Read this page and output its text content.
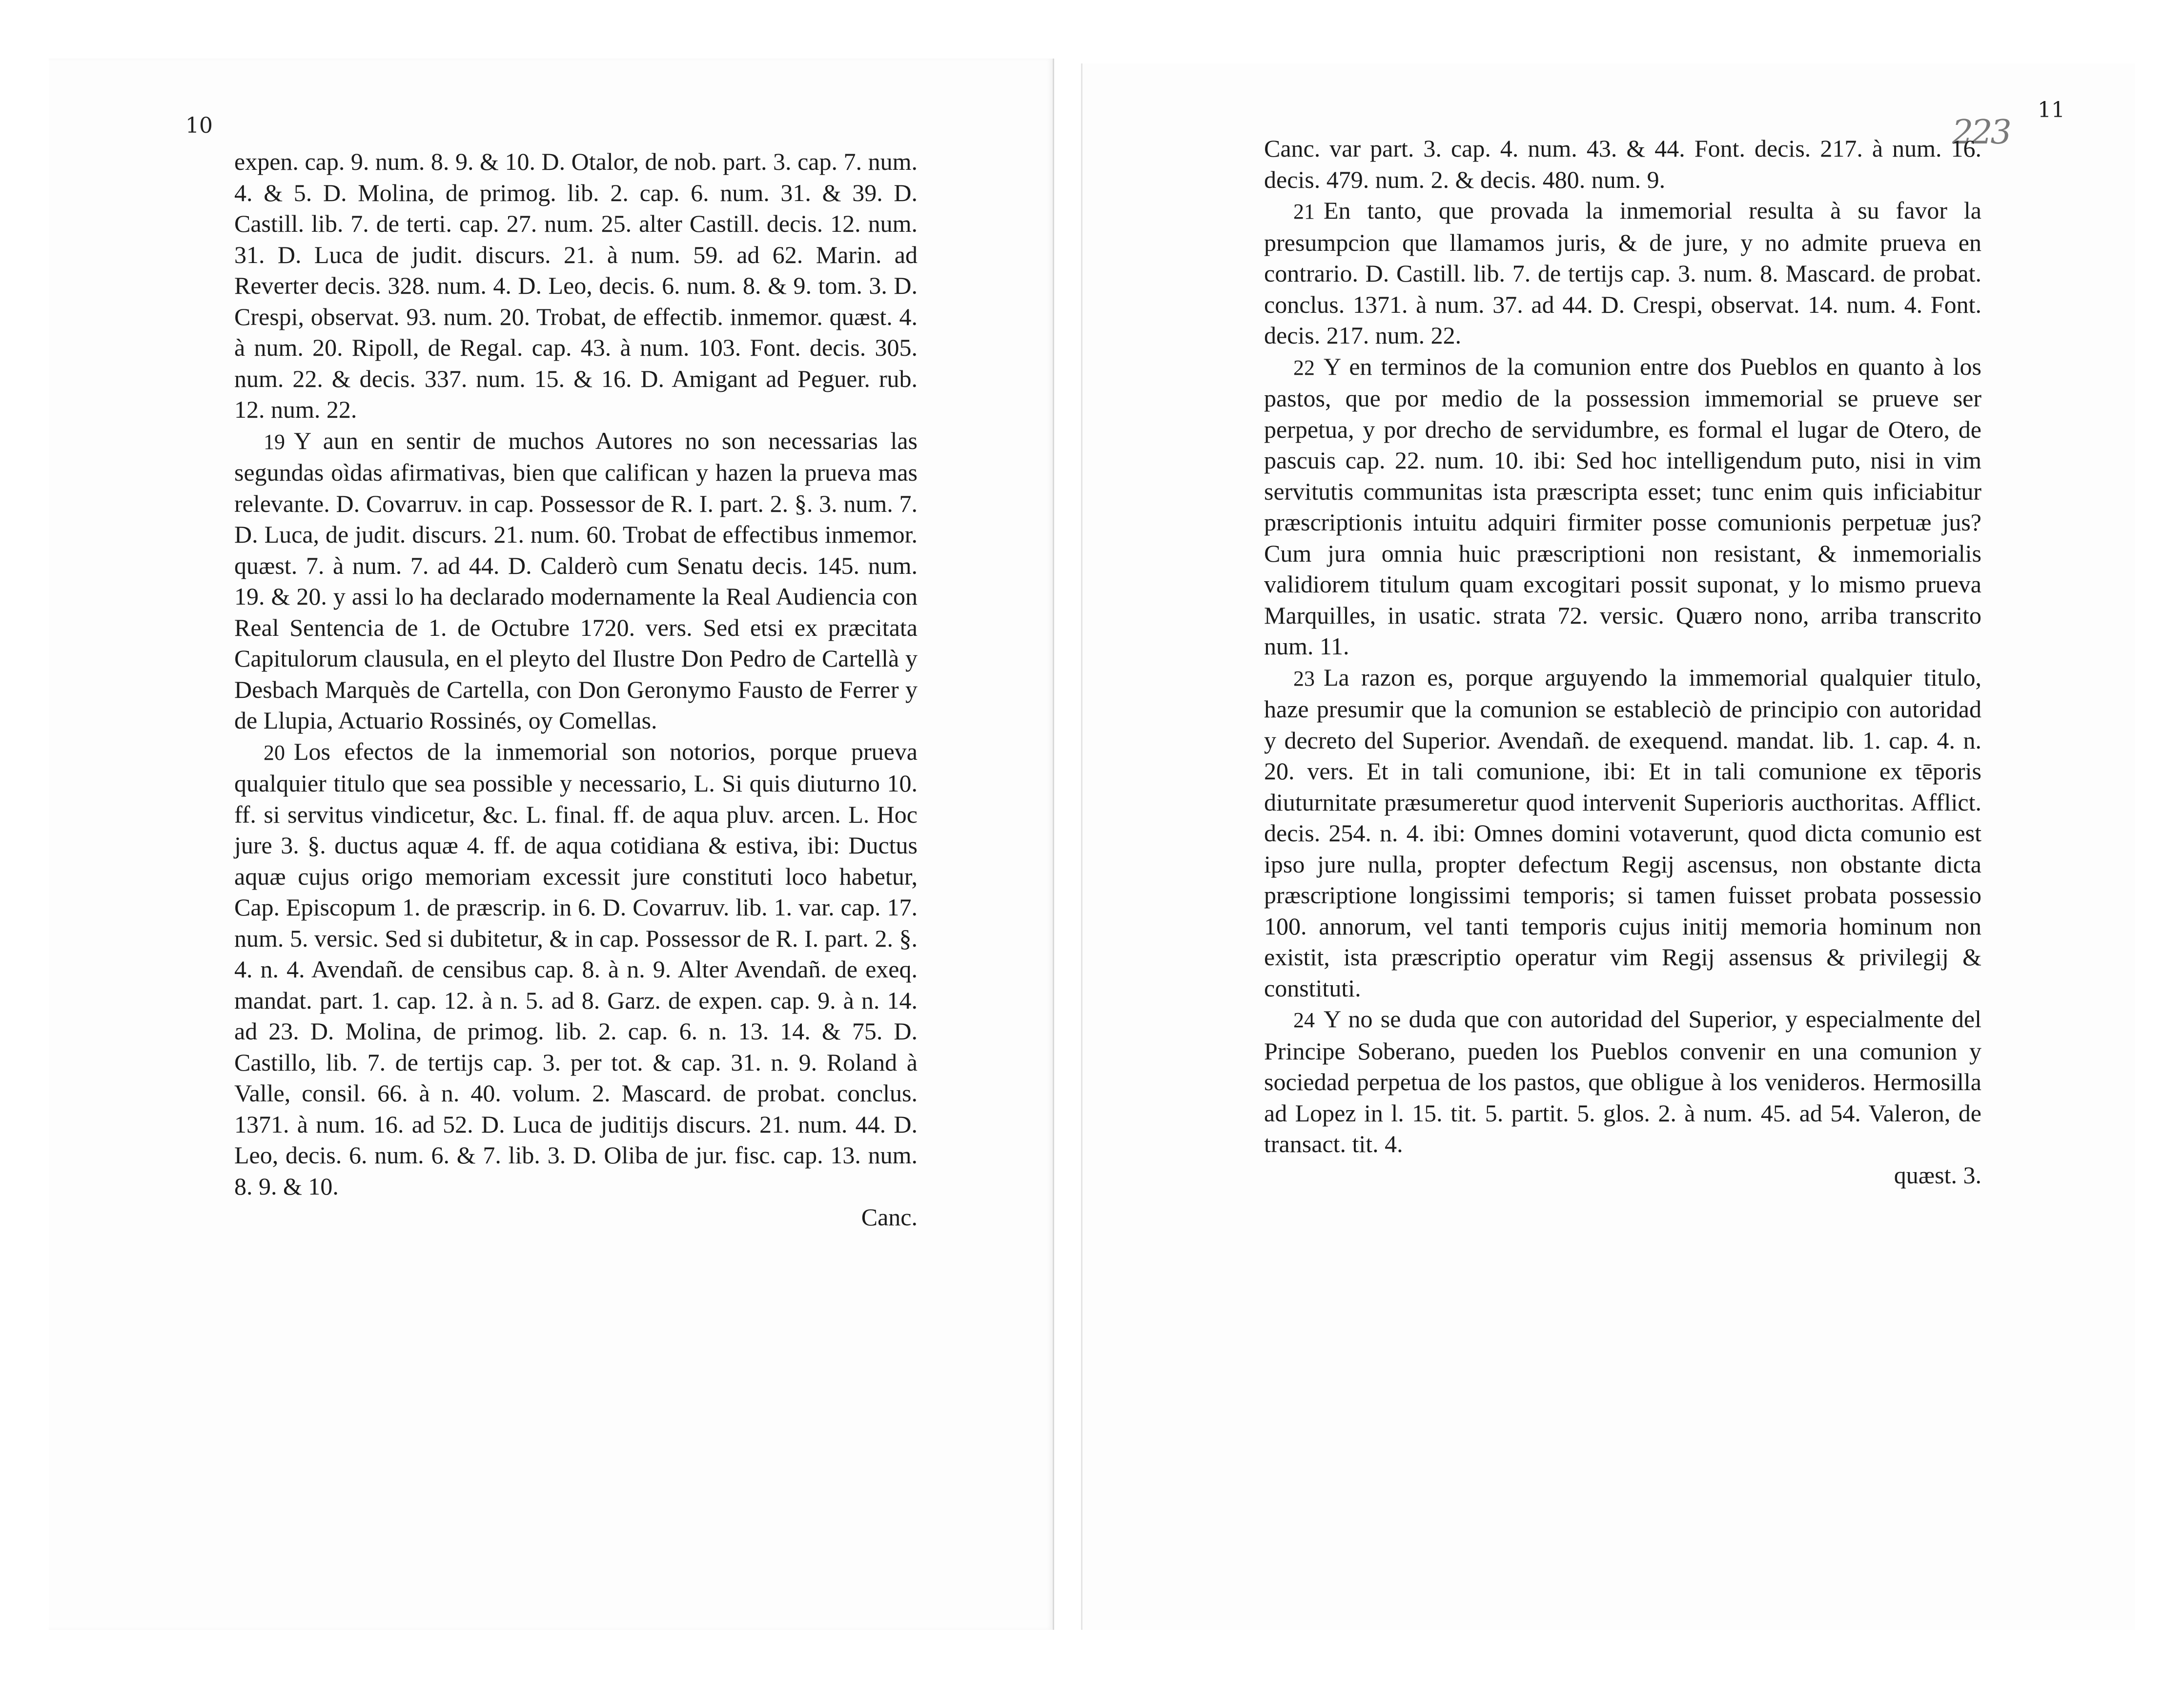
10	223
11

expen. cap. 9. num. 8. 9. & 10. D. Otalor, de nob. part. 3. cap. 7. num. 4. & 5. D. Molina, de primog. lib. 2. cap. 6. num. 31. & 39. D. Castill. lib. 7. de terti. cap. 27. num. 25. alter Castill. decis. 12. num. 31. D. Luca de judit. discurs. 21. à num. 59. ad 62. Marin. ad Reverter decis. 328. num. 4. D. Leo, decis. 6. num. 8. & 9. tom. 3. D. Crespi, observat. 93. num. 20. Trobat, de effectib. inmemor. quæst. 4. à num. 20. Ripoll, de Regal. cap. 43. à num. 103. Font. decis. 305. num. 22. & decis. 337. num. 15. & 16. D. Amigant ad Peguer. rub. 12. num. 22.

19 Y aun en sentir de muchos Autores no son necessarias las segundas oìdas afirmativas, bien que califican y hazen la prueva mas relevante. D. Covarruv. in cap. Possessor de R. I. part. 2. §. 3. num. 7. D. Luca, de judit. discurs. 21. num. 60. Trobat de effectibus inmemor. quæst. 7. à num. 7. ad 44. D. Calderò cum Senatu decis. 145. num. 19. & 20. y assi lo ha declarado modernamente la Real Audiencia con Real Sentencia de 1. de Octubre 1720. vers. Sed etsi ex præcitata Capitulorum clausula, en el pleyto del Ilustre Don Pedro de Cartellà y Desbach Marquès de Cartella, con Don Geronymo Fausto de Ferrer y de Llupia, Actuario Rossinés, oy Comellas.

20 Los efectos de la inmemorial son notorios, porque prueva qualquier titulo que sea possible y necessario, L. Si quis diuturno 10. ff. si servitus vindicetur, &c. L. final. ff. de aqua pluv. arcen. L. Hoc jure 3. §. ductus aquæ 4. ff. de aqua cotidiana & estiva, ibi: Ductus aquæ cujus origo memoriam excessit jure constituti loco habetur, Cap. Episcopum 1. de præscrip. in 6. D. Covarruv. lib. 1. var. cap. 17. num. 5. versic. Sed si dubitetur, & in cap. Possessor de R. I. part. 2. §. 4. n. 4. Avendañ. de censibus cap. 8. à n. 9. Alter Avendañ. de exeq. mandat. part. 1. cap. 12. à n. 5. ad 8. Garz. de expen. cap. 9. à n. 14. ad 23. D. Molina, de primog. lib. 2. cap. 6. n. 13. 14. & 75. D. Castillo, lib. 7. de tertijs cap. 3. per tot. & cap. 31. n. 9. Roland à Valle, consil. 66. à n. 40. volum. 2. Mascard. de probat. conclus. 1371. à num. 16. ad 52. D. Luca de juditijs discurs. 21. num. 44. D. Leo, decis. 6. num. 6. & 7. lib. 3. D. Oliba de jur. fisc. cap. 13. num. 8. 9. & 10.

Canc.

Canc. var part. 3. cap. 4. num. 43. & 44. Font. decis. 217. à num. 16. decis. 479. num. 2. & decis. 480. num. 9.

21 En tanto, que provada la inmemorial resulta à su favor la presumpcion que llamamos juris, & de jure, y no admite prueva en contrario. D. Castill. lib. 7. de tertijs cap. 3. num. 8. Mascard. de probat. conclus. 1371. à num. 37. ad 44. D. Crespi, observat. 14. num. 4. Font. decis. 217. num. 22.

22 Y en terminos de la comunion entre dos Pueblos en quanto à los pastos, que por medio de la possession immemorial se prueve ser perpetua, y por drecho de servidumbre, es formal el lugar de Otero, de pascuis cap. 22. num. 10. ibi: Sed hoc intelligendum puto, nisi in vim servitutis communitas ista præscripta esset; tunc enim quis inficiabitur præscriptionis intuitu adquiri firmiter posse comunionis perpetuæ jus? Cum jura omnia huic præscriptioni non resistant, & inmemorialis validiorem titulum quam excogitari possit suponat, y lo mismo prueva Marquilles, in usatic. strata 72. versic. Quæro nono, arriba transcrito num. 11.

23 La razon es, porque arguyendo la immemorial qualquier titulo, haze presumir que la comunion se estableciò de principio con autoridad y decreto del Superior. Avendañ. de exequend. mandat. lib. 1. cap. 4. n. 20. vers. Et in tali comunione, ibi: Et in tali comunione ex tēporis diuturnitate præsumeretur quod intervenit Superioris aucthoritas. Afflict. decis. 254. n. 4. ibi: Omnes domini votaverunt, quod dicta comunio est ipso jure nulla, propter defectum Regij ascensus, non obstante dicta præscriptione longissimi temporis; si tamen fuisset probata possessio 100. annorum, vel tanti temporis cujus initij memoria hominum non existit, ista præscriptio operatur vim Regij assensus & privilegij & constituti.

24 Y no se duda que con autoridad del Superior, y especialmente del Principe Soberano, pueden los Pueblos convenir en una comunion y sociedad perpetua de los pastos, que obligue à los venideros. Hermosilla ad Lopez in l. 15. tit. 5. partit. 5. glos. 2. à num. 45. ad 54. Valeron, de transact. tit. 4.

quæst. 3.
